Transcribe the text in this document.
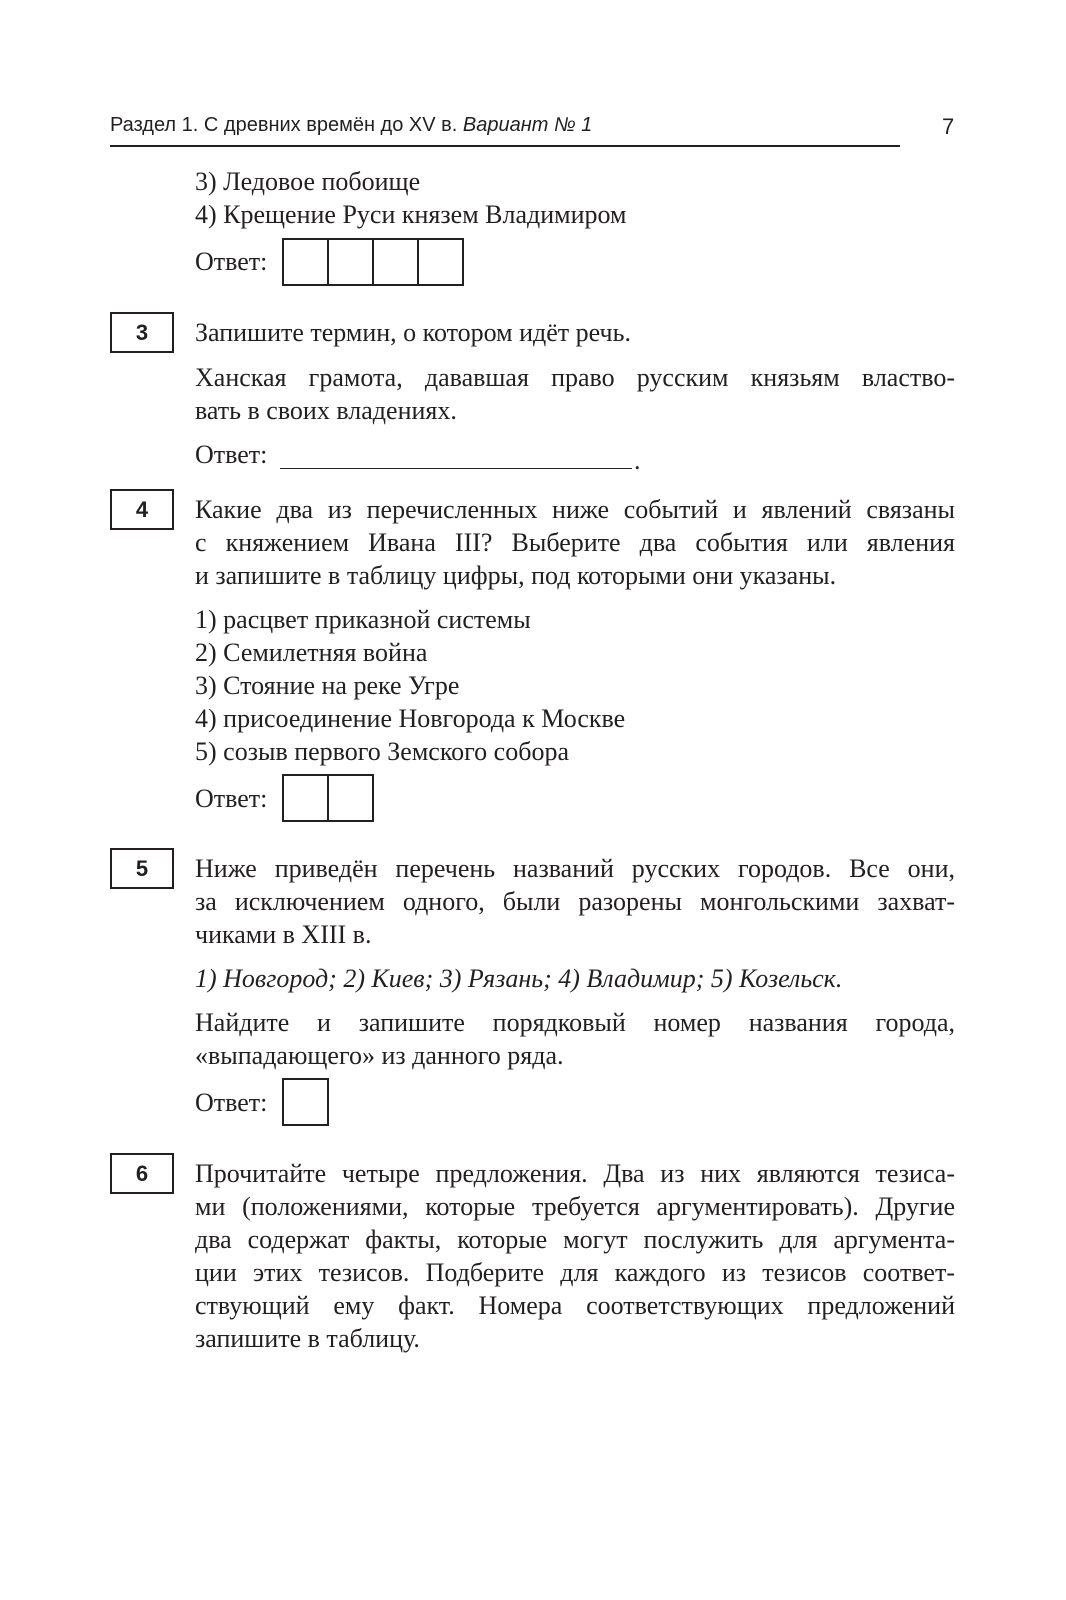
Раздел 1. С древних времён до XV в. Вариант № 1	7
3) Ледовое побоище
4) Крещение Руси князем Владимиром
Ответ:
3	Запишите термин, о котором идёт речь.
Ханская грамота, дававшая право русским князьям властво-
вать в своих владениях.
Ответ:	.
4	Какие два из перечисленных ниже событий и явлений связаны
с княжением Ивана III? Выберите два события или явления
и запишите в таблицу цифры, под которыми они указаны.
1) расцвет приказной системы
2) Семилетняя война
3) Стояние на реке Угре
4) присоединение Новгорода к Москве
5) созыв первого Земского собора
Ответ:
5	Ниже приведён перечень названий русских городов. Все они,
за исключением одного, были разорены монгольскими захват-
чиками в XIII в.
1) Новгород; 2) Киев; 3) Рязань; 4) Владимир; 5) Козельск.
Найдите и запишите порядковый номер названия города,
«выпадающего» из данного ряда.
Ответ:
6	Прочитайте четыре предложения. Два из них являются тезиса-
ми (положениями, которые требуется аргументировать). Другие
два содержат факты, которые могут послужить для аргумента-
ции этих тезисов. Подберите для каждого из тезисов соответ-
ствующий ему факт. Номера соответствующих предложений
запишите в таблицу.
